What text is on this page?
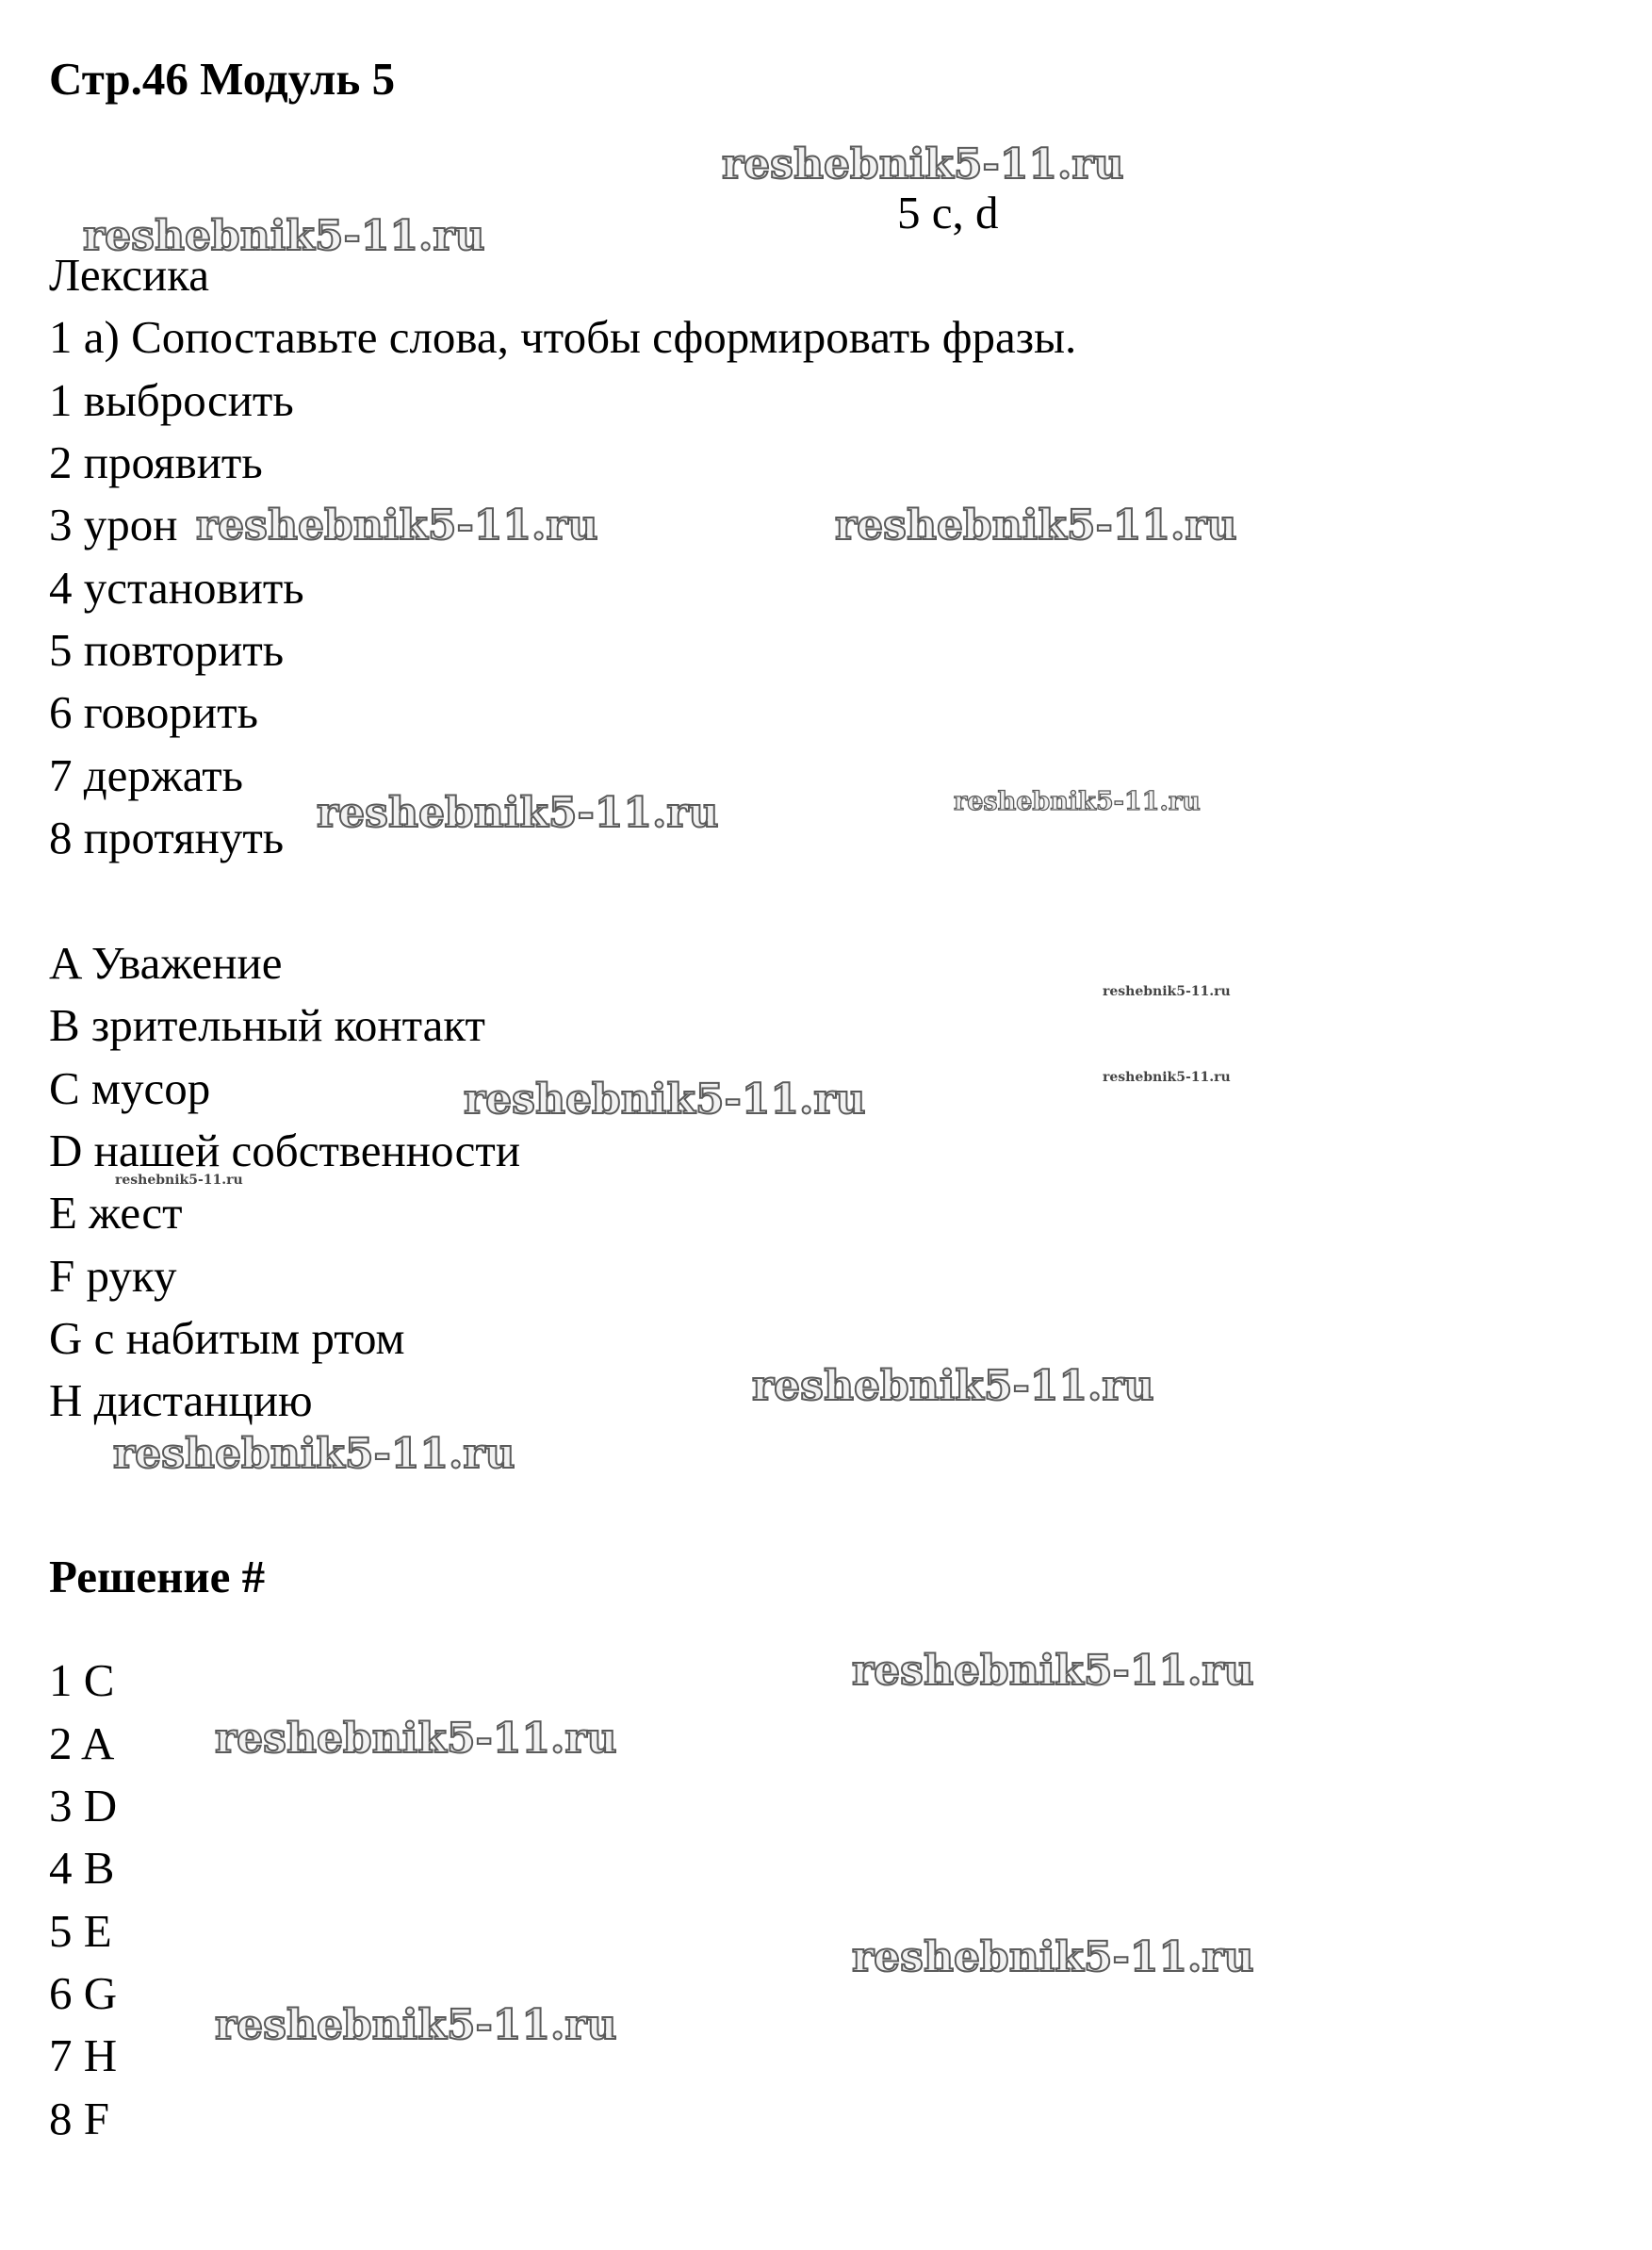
Стр.46 Модуль 5
5 c, d
Лексика
1 a) Сопоставьте слова, чтобы сформировать фразы.
1 выбросить
2 проявить
3 урон
4 установить
5 повторить
6 говорить
7 держать
8 протянуть
A Уважение
B зрительный контакт
C мусор
D нашей собственности
E жест
F руку
G с набитым ртом
H дистанцию
Решение #
1 C
2 A
3 D
4 B
5 E
6 G
7 H
8 F
reshebnik5-11.ru
reshebnik5-11.ru
reshebnik5-11.ru	reshebnik5-11.ru
reshebnik5-11.ru	reshebnik5-11.ru
reshebnik5-11.ru
reshebnik5-11.ru
reshebnik5-11.ru
reshebnik5-11.ru
reshebnik5-11.ru
reshebnik5-11.ru
reshebnik5-11.ru
reshebnik5-11.ru
reshebnik5-11.ru
reshebnik5-11.ru
